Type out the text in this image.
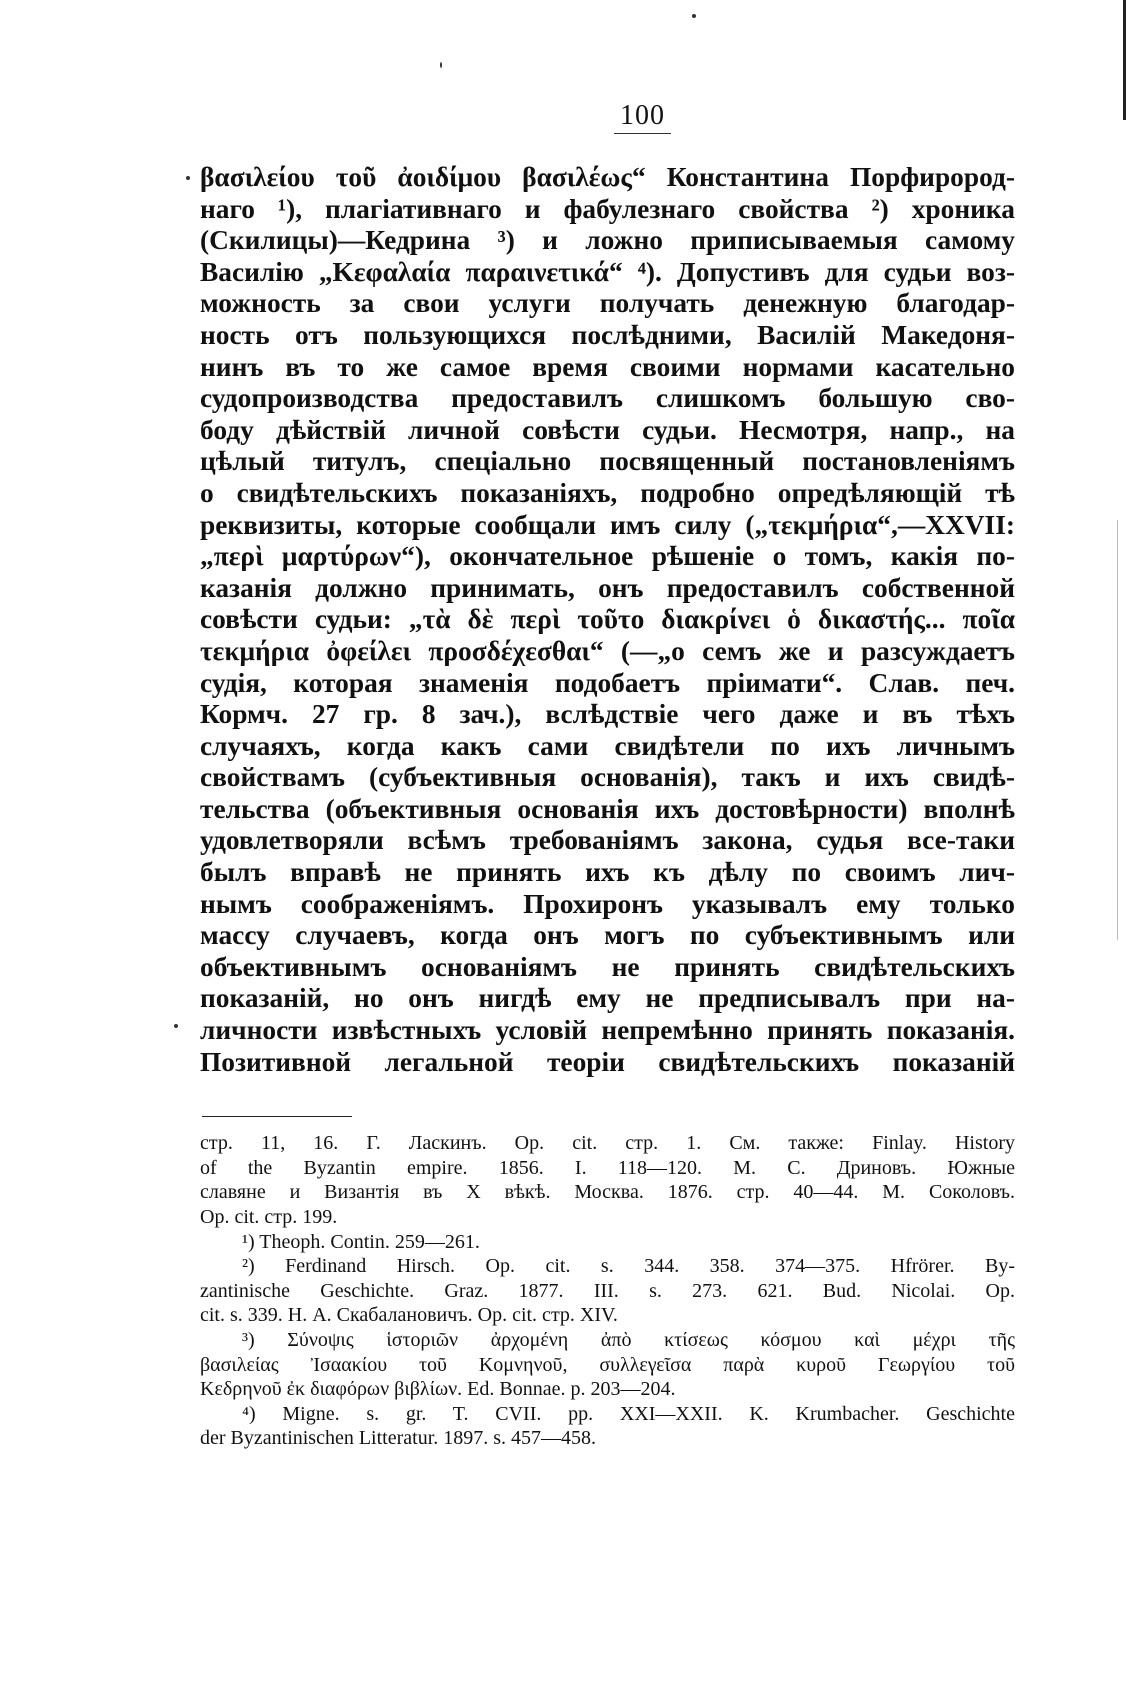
100
βασιλείου τοῦ ἀοιδίμου βασιλέως“ Константина Порфирород-
наго ¹), плагіативнаго и фабулезнаго свойства ²) хроника
(Скилицы)—Кедрина ³) и ложно приписываемыя самому
Василію „Κεφαλαία παραινετικά“ ⁴). Допустивъ для судьи воз-
можность за свои услуги получать денежную благодар-
ность отъ пользующихся послѣдними, Василій Македоня-
нинъ въ то же самое время своими нормами касательно
судопроизводства предоставилъ слишкомъ большую сво-
боду дѣйствій личной совѣсти судьи. Несмотря, напр., на
цѣлый титулъ, спеціально посвященный постановленіямъ
о свидѣтельскихъ показаніяхъ, подробно опредѣляющій тѣ
реквизиты, которые сообщали имъ силу („τεκμήρια“,—XXVII:
„περὶ μαρτύρων“), окончательное рѣшеніе о томъ, какія по-
казанія должно принимать, онъ предоставилъ собственной
совѣсти судьи: „τὰ δὲ περὶ τοῦτο διακρίνει ὁ δικαστής... ποῖα
τεκμήρια ὀφείλει προσδέχεσθαι“ (—„о семъ же и разсуждаетъ
судія, которая знаменія подобаетъ пріимати“. Слав. печ.
Кормч. 27 гр. 8 зач.), вслѣдствіе чего даже и въ тѣхъ
случаяхъ, когда какъ сами свидѣтели по ихъ личнымъ
свойствамъ (субъективныя основанія), такъ и ихъ свидѣ-
тельства (объективныя основанія ихъ достовѣрности) вполнѣ
удовлетворяли всѣмъ требованіямъ закона, судья все-таки
былъ вправѣ не принять ихъ къ дѣлу по своимъ лич-
нымъ соображеніямъ. Прохиронъ указывалъ ему только
массу случаевъ, когда онъ могъ по субъективнымъ или
объективнымъ основаніямъ не принять свидѣтельскихъ
показаній, но онъ нигдѣ ему не предписывалъ при на-
личности извѣстныхъ условій непремѣнно принять показанія.
Позитивной легальной теоріи свидѣтельскихъ показаній
стр. 11, 16. Г. Ласкинъ. Op. cit. стр. 1. См. также: Finlay. History
of the Byzantin empire. 1856. I. 118—120. М. С. Дриновъ. Южные
славяне и Византія въ X вѣкѣ. Москва. 1876. стр. 40—44. М. Соколовъ.
Op. cit. стр. 199.
¹) Theoph. Contin. 259—261.
²) Ferdinand Hirsch. Op. cit. s. 344. 358. 374—375. Hfrörer. By-
zantinische Geschichte. Graz. 1877. III. s. 273. 621. Bud. Nicolai. Op.
cit. s. 339. Н. А. Скабалановичъ. Op. cit. стр. XIV.
³) Σύνοψις ἱστοριῶν ἀρχομένη ἀπὸ κτίσεως κόσμου καὶ μέχρι τῆς
βασιλείας Ἰσαακίου τοῦ Κομνηνοῦ, συλλεγεῖσα παρὰ κυροῦ Γεωργίου τοῦ
Κεδρηνοῦ ἐκ διαφόρων βιβλίων. Ed. Bonnae. p. 203—204.
⁴) Migne. s. gr. T. CVII. pp. XXI—XXII. K. Krumbacher. Geschichte
der Byzantinischen Litteratur. 1897. s. 457—458.
